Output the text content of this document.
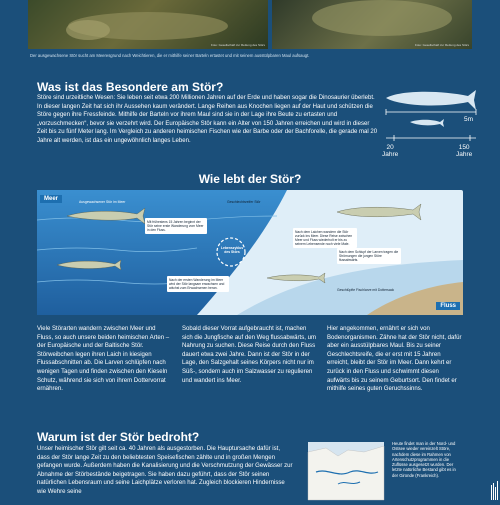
Foto: Gesellschaft zur Rettung des Störs	Foto: Gesellschaft zur Rettung des Störs
Der ausgewachsene Stör sucht am Meeresgrund nach Weichtieren, die er mithilfe seiner Barteln ertastet und mit seinem ausstülpbaren Maul aufsaugt.
Was ist das Besondere am Stör?
Störe sind urzeitliche Wesen: Sie leben seit etwa 200 Millionen Jahren auf der Erde und haben sogar die Dinosaurier überlebt. In dieser langen Zeit hat sich ihr Aussehen kaum verändert. Lange Reihen aus Knochen liegen auf der Haut und schützen die Störe gegen ihre Fressfeinde. Mithilfe der Barteln vor ihrem Maul sind sie in der Lage ihre Beute zu ertasten und „vorzuschmecken“, bevor sie verzehrt wird. Der Europäische Stör kann ein Alter von 150 Jahren erreichen und wird in dieser Zeit bis zu fünf Meter lang. Im Vergleich zu anderen heimischen Fischen wie der Barbe oder der Bachforelle, die gerade mal 20 Jahre alt werden, ist das ein ungewöhnlich langes Leben.
5m
20
Jahre
150
Jahre
Meer
Fluss
Ausgewachsener Stör im Meer	Geschlechtsreifer Stör
Mit frühestens 15 Jahren beginnt der Stör seine erste Wanderung vom Meer in den Fluss.
Lebenszyklus des Störs
Nach dem Laichen wandern die Stör zurück ins Meer. Diese Reise zwischen Meer und Fluss wiederholt er bis zu seinem Lebensende noch viele Male.
Nach der ersten Wanderung im Meer wird der Stör langsam erwachsen und wächst zum Erwachsenen heran.
Nach dem Schlupf der Larven tragen die Strömungen die jungen Störe flussabwärts.
Geschlüpfte Fischlarve mit Dottersack
Wie lebt der Stör?
Viele Störarten wandern zwischen Meer und Fluss, so auch unsere beiden heimischen Arten – der Europäische und der Baltische Stör. Störweibchen legen ihren Laich in kiesigen Flussabschnitten ab. Die Larven schlüpfen nach wenigen Tagen und finden zwischen den Kieseln Schutz, während sie sich von ihrem Dottervorrat ernähren.
Sobald dieser Vorrat aufgebraucht ist, machen sich die Jungfische auf den Weg flussabwärts, um Nahrung zu suchen. Diese Reise durch den Fluss dauert etwa zwei Jahre. Dann ist der Stör in der Lage, den Salzgehalt seines Körpers nicht nur im Süß-, sondern auch im Salzwasser zu regulieren und wandert ins Meer.
Hier angekommen, ernährt er sich von Bodenorganismen. Zähne hat der Stör nicht, dafür aber ein ausstülpbares Maul. Bis zu seiner Geschlechtsreife, die er erst mit 15 Jahren erreicht, bleibt der Stör im Meer. Dann kehrt er zurück in den Fluss und schwimmt diesen aufwärts bis zu seinem Geburtsort. Den findet er mithilfe seines guten Geruchssinns.
Warum ist der Stör bedroht?
Unser heimischer Stör gilt seit ca. 40 Jahren als ausgestorben. Die Hauptursache dafür ist, dass der Stör lange Zeit zu den beliebtesten Speisefischen zählte und in großen Mengen gefangen wurde. Außerdem haben die Kanalisierung und die Verschmutzung der Gewässer zur Abnahme der Störbestände beigetragen. Sie haben dazu geführt, dass der Stör seinen natürlichen Lebensraum und seine Laichplätze verloren hat. Zugleich blockieren Hindernisse wie Wehre seine
Heute findet man in der Nord- und Ostsee wieder vereinzelt Störe, nachdem diese im Rahmen von Artenschutzprogrammen in die Zuflüsse ausgesetzt wurden. Der letzte natürliche Bestand gibt es in der Gironde (Frankreich).
